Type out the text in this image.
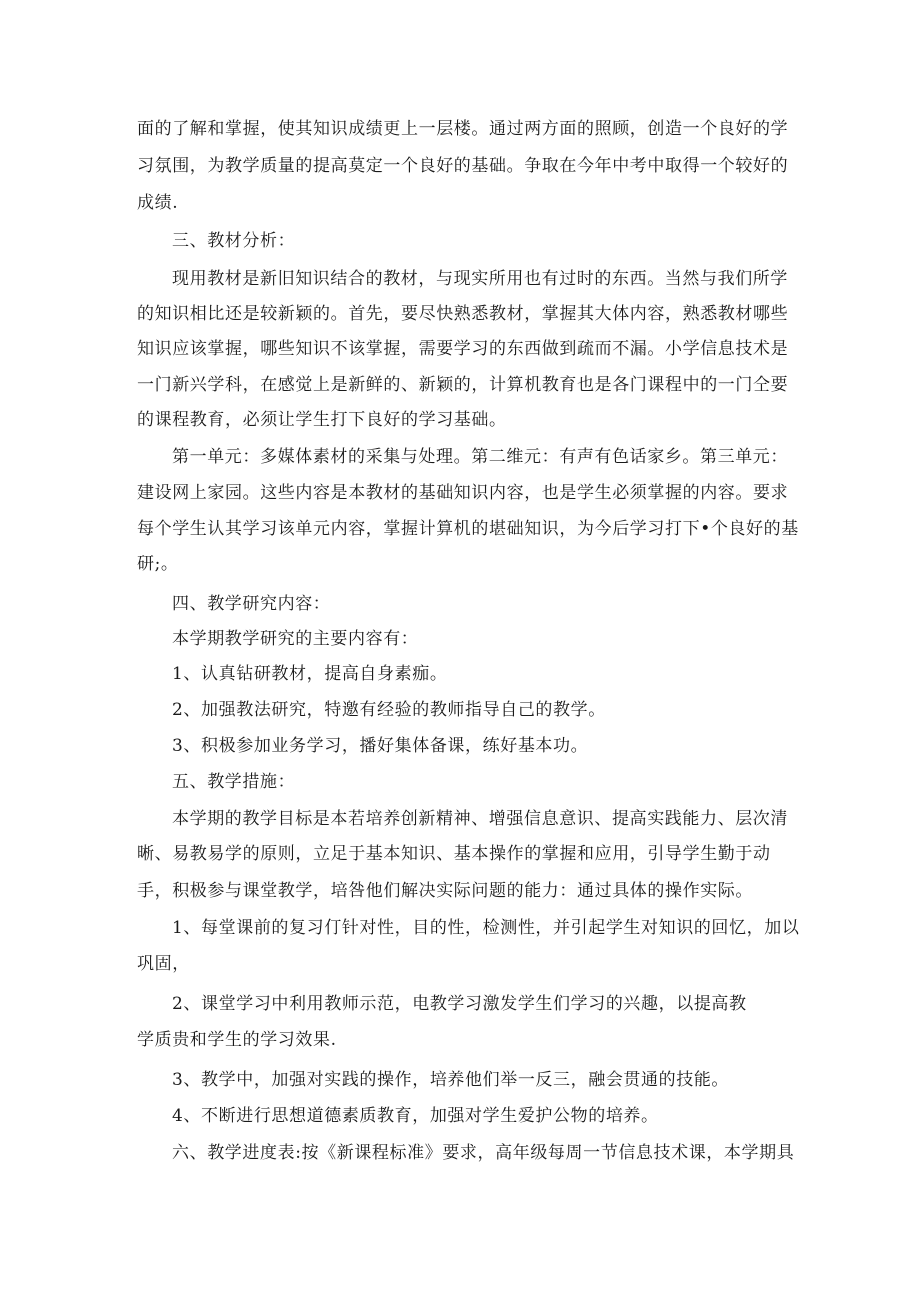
面的了解和掌握，使其知识成绩更上一层楼。通过两方面的照顾，创造一个良好的学
习氛围，为教学质量的提高莫定一个良好的基础。争取在今年中考中取得一个较好的
成绩.
三、教材分析：
现用教材是新旧知识结合的教材，与现实所用也有过时的东西。当然与我们所学
的知识相比还是较新颖的。首先，要尽快熟悉教材，掌握其大体内容，熟悉教材哪些
知识应该掌握，哪些知识不该掌握，需要学习的东西做到疏而不漏。小学信息技术是
一门新兴学科，在感觉上是新鲜的、新颖的，计算机教育也是各门课程中的一门仝要
的课程教育，必须让学生打下良好的学习基础。
第一单元：多媒体素材的采集与处理。第二维元：有声有色话家乡。第三单元：
建设网上家园。这些内容是本教材的基础知识内容，也是学生必须掌握的内容。要求
每个学生认其学习该单元内容，掌握计算机的堪础知识，为今后学习打下•个良好的基
研;。
四、教学研究内容：
本学期教学研究的主要内容有：
1、认真钻研教材，提高自身素痂。
2、加强教法研究，特邀有经验的教师指导自己的教学。
3、积极参加业务学习，播好集体备课，练好基本功。
五、教学措施：
本学期的教学目标是本若培养创新精神、增强信息意识、提高实践能力、层次清
晰、易教易学的原则，立足于基本知识、基本操作的掌握和应用，引导学生勤于动
手，积极参与课堂教学，培咎他们解决实际问题的能力：通过具体的操作实际。
1、每堂课前的复习仃针对性，目的性，检测性，并引起学生对知识的回忆，加以
巩固，
2、课堂学习中利用教师示范，电教学习激发学生们学习的兴趣，以提高教
学质贵和学生的学习效果.
3、教学中，加强对实践的操作，培养他们举一反三，融会贯通的技能。
4、不断进行思想道德素质教育，加强对学生爱护公物的培养。
六、教学进度表:按《新课程标准》要求，高年级每周一节信息技术课，本学期具
